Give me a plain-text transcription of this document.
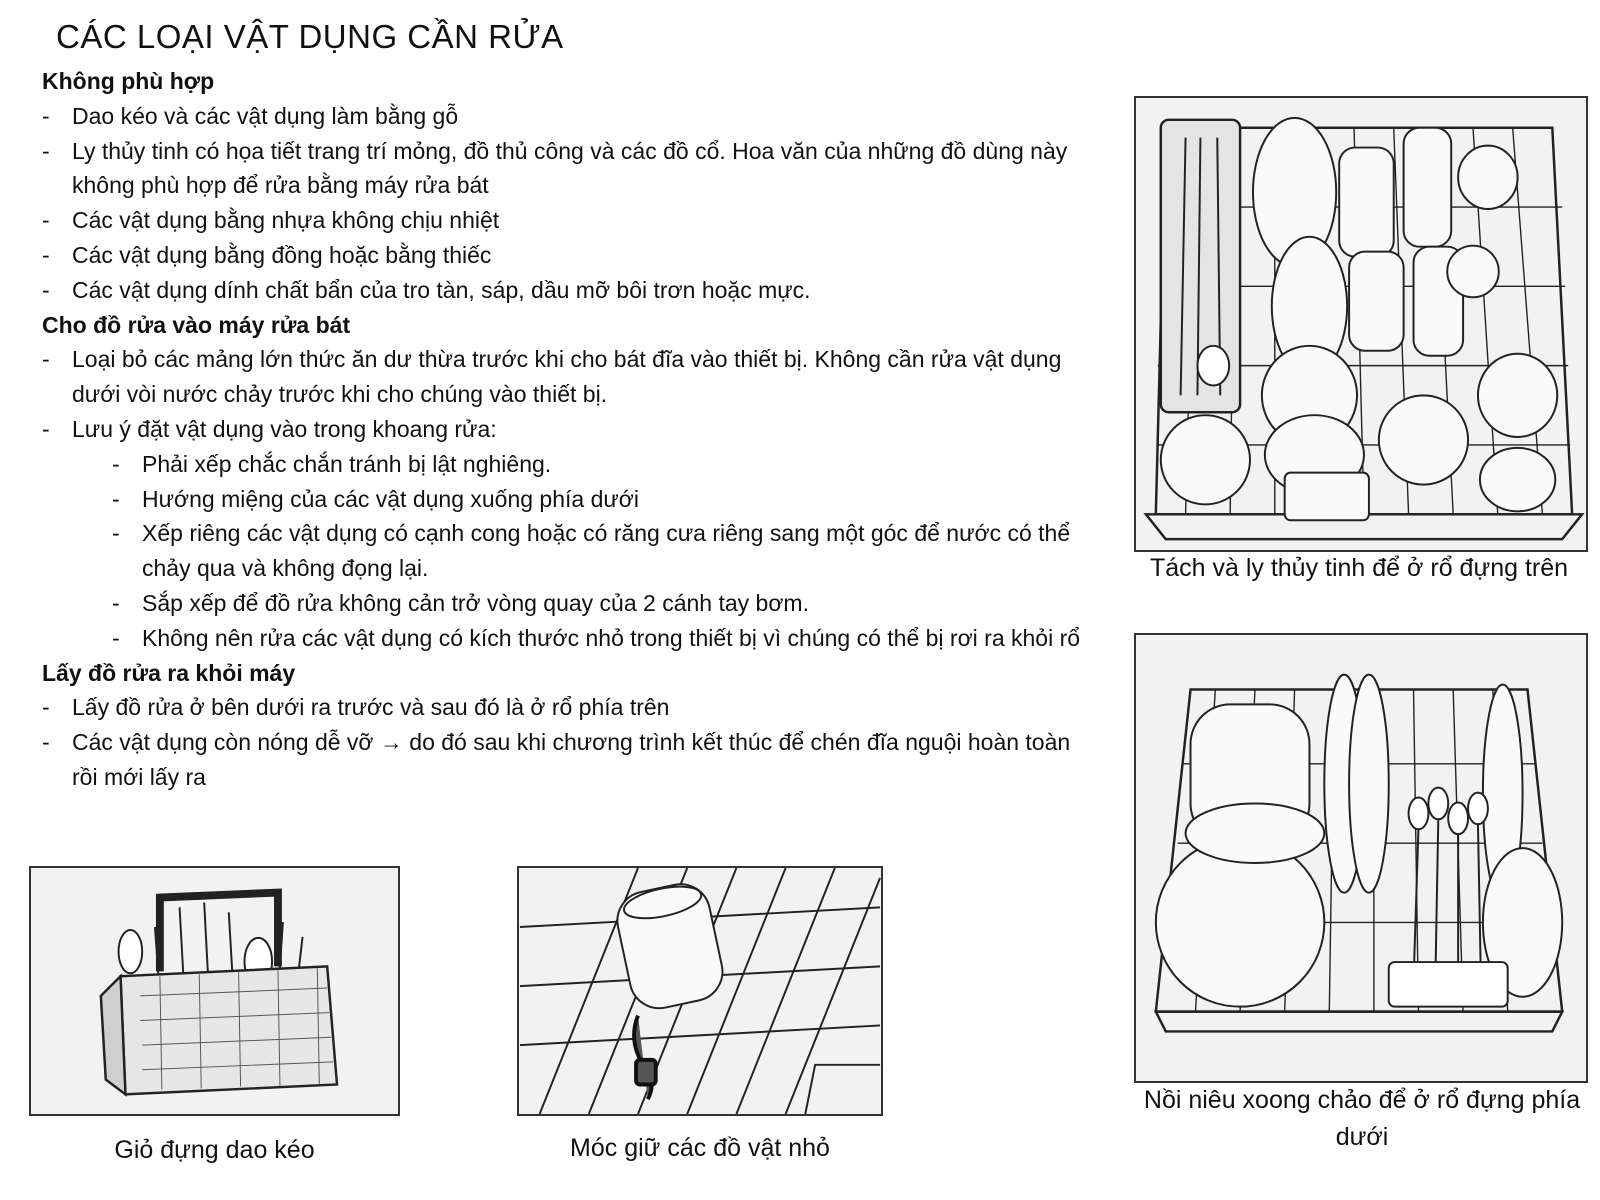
CÁC LOẠI VẬT DỤNG CẦN RỬA
Không phù hợp
- Dao kéo và các vật dụng làm bằng gỗ
- Ly thủy tinh có họa tiết trang trí mỏng, đồ thủ công và các đồ cổ. Hoa văn của những đồ dùng này không phù hợp để rửa bằng máy rửa bát
- Các vật dụng bằng nhựa không chịu nhiệt
- Các vật dụng bằng đồng hoặc bằng thiếc
- Các vật dụng dính chất bẩn của tro tàn, sáp, dầu mỡ bôi trơn hoặc mực.
Cho đồ rửa vào máy rửa bát
- Loại bỏ các mảng lớn thức ăn dư thừa trước khi cho bát đĩa vào thiết bị. Không cần rửa vật dụng dưới vòi nước chảy trước khi cho chúng vào thiết bị.
- Lưu ý đặt vật dụng vào trong khoang rửa:
- Phải xếp chắc chắn tránh bị lật nghiêng.
- Hướng miệng của các vật dụng xuống phía dưới
- Xếp riêng các vật dụng có cạnh cong hoặc có răng cưa riêng sang một góc để nước có thể chảy qua và không đọng lại.
- Sắp xếp để đồ rửa không cản trở vòng quay của 2 cánh tay bơm.
- Không nên rửa các vật dụng có kích thước nhỏ trong thiết bị vì chúng có thể bị rơi ra khỏi rổ
Lấy đồ rửa ra khỏi máy
- Lấy đồ rửa ở bên dưới ra trước và sau đó là ở rổ phía trên
- Các vật dụng còn nóng dễ vỡ → do đó sau khi chương trình kết thúc để chén đĩa nguội hoàn toàn rồi mới lấy ra
Tách và ly thủy tinh để ở rổ đựng trên
Nồi niêu xoong chảo để ở rổ đựng phía dưới
Giỏ đựng dao kéo	Móc giữ các đồ vật nhỏ
